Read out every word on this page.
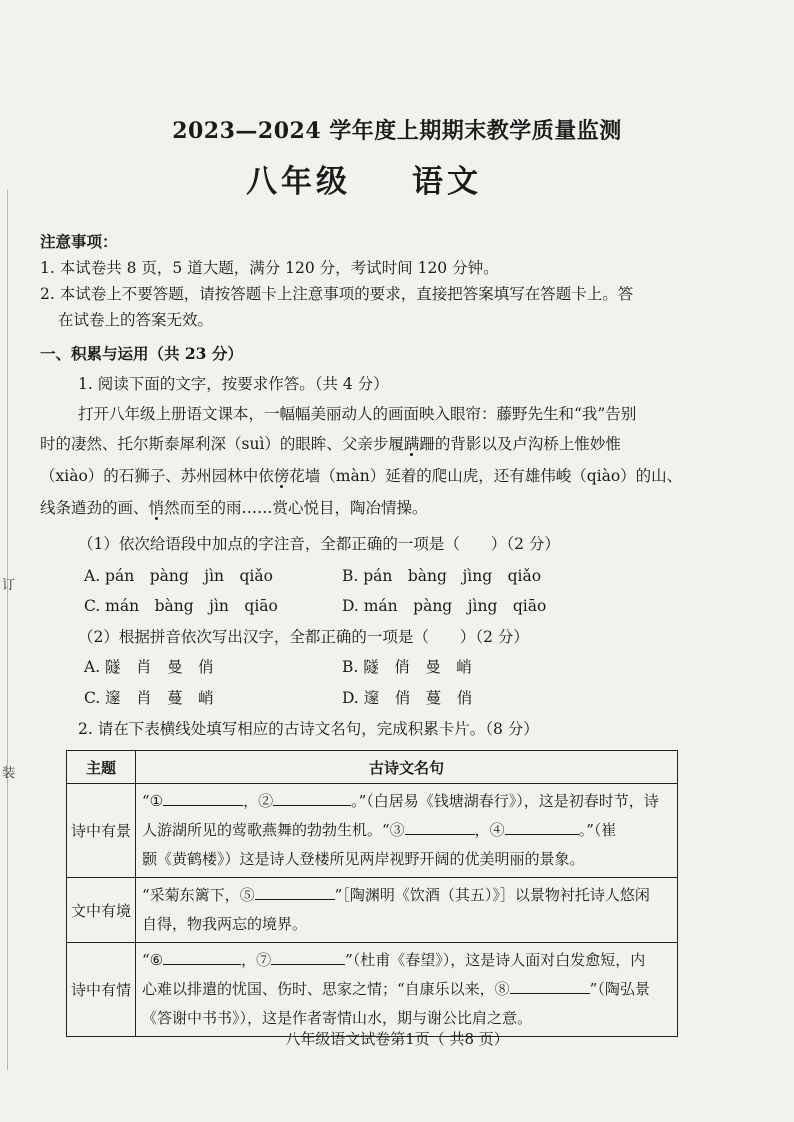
订
装
2023—2024 学年度上期期末教学质量监测
八年级 语文
注意事项：
1. 本试卷共 8 页，5 道大题，满分 120 分，考试时间 120 分钟。
2. 本试卷上不要答题，请按答题卡上注意事项的要求，直接把答案填写在答题卡上。答
在试卷上的答案无效。
一、积累与运用（共 23 分）
1. 阅读下面的文字，按要求作答。（共 4 分）
打开八年级上册语文课本，一幅幅美丽动人的画面映入眼帘：藤野先生和“我”告别
时的凄然、托尔斯泰犀利深（suì）的眼眸、父亲步履蹒跚的背影以及卢沟桥上惟妙惟
（xiào）的石狮子、苏州园林中依傍花墙（màn）延着的爬山虎，还有雄伟峻（qiào）的山、
线条遒劲的画、悄然而至的雨……赏心悦目，陶冶情操。
（1）依次给语段中加点的字注音，全都正确的一项是（　　）（2 分）
A. pán　pàng　jìn　qiǎo	B. pán　bàng　jìng　qiǎo
C. mán　bàng　jìn　qiāo	D. mán　pàng　jìng　qiāo
（2）根据拼音依次写出汉字，全都正确的一项是（　　）（2 分）
A. 隧　肖　曼　俏	B. 隧　俏　曼　峭
C. 邃　肖　蔓　峭	D. 邃　俏　蔓　俏
2. 请在下表横线处填写相应的古诗文名句，完成积累卡片。（8 分）
主题	古诗文名句
诗中有景	“① ，② 。”（白居易《钱塘湖春行》），这是初春时节，诗
人游湖所见的莺歌燕舞的勃勃生机。“③ ，④ 。”（崔
颢《黄鹤楼》）这是诗人登楼所见两岸视野开阔的优美明丽的景象。
文中有境	“采菊东篱下，⑤ ”［陶渊明《饮酒（其五）》］以景物衬托诗人悠闲
自得，物我两忘的境界。
诗中有情	“⑥ ，⑦ ”（杜甫《春望》），这是诗人面对白发愈短，内
心难以排遣的忧国、伤时、思家之情；“自康乐以来，⑧ ”（陶弘景
《答谢中书书》），这是作者寄情山水，期与谢公比肩之意。
八年级语文试卷第1页（ 共8 页）
